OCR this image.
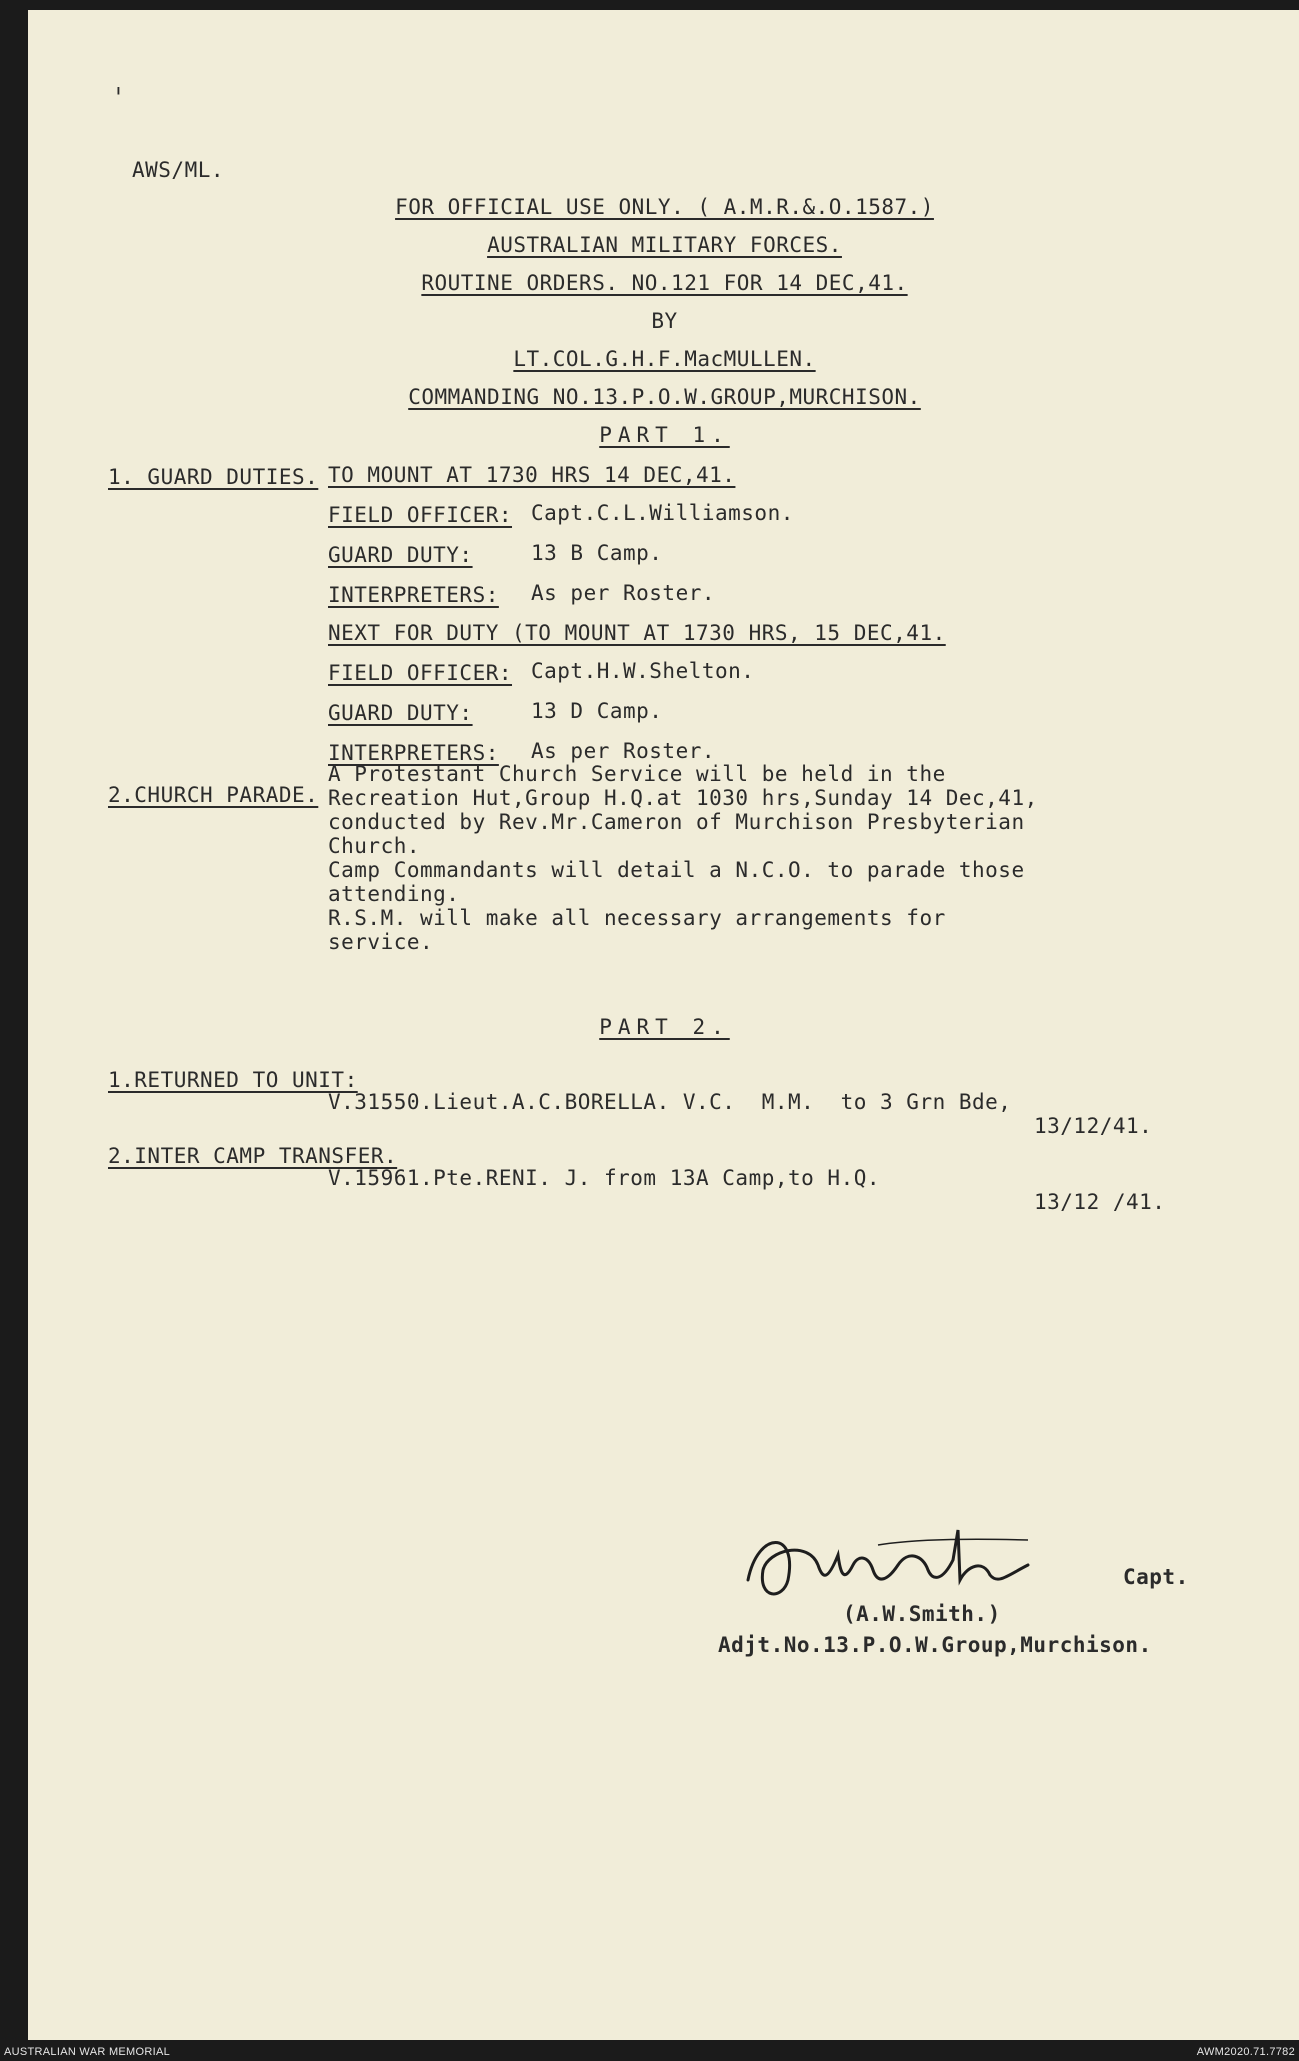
ˈ
AWS/ML.
FOR OFFICIAL USE ONLY. ( A.M.R.&.O.1587.)
AUSTRALIAN MILITARY FORCES.
ROUTINE ORDERS. NO.121 FOR 14 DEC,41.
BY
LT.COL.G.H.F.MacMULLEN.
COMMANDING NO.13.P.O.W.GROUP,MURCHISON.
PART 1.
1. GUARD DUTIES. TO MOUNT AT 1730 HRS 14 DEC,41.
FIELD OFFICER: Capt.C.L.Williamson.
GUARD DUTY:	13 B Camp.
INTERPRETERS: As per Roster.
NEXT FOR DUTY (TO MOUNT AT 1730 HRS, 15 DEC,41.
FIELD OFFICER: Capt.H.W.Shelton.
GUARD DUTY:	13 D Camp.
INTERPRETERS: As per Roster.
2.CHURCH PARADE.
A Protestant Church Service will be held in the
Recreation Hut,Group H.Q.at 1030 hrs,Sunday 14 Dec,41,
conducted by Rev.Mr.Cameron of Murchison Presbyterian
Church.
Camp Commandants will detail a N.C.O. to parade those
attending.
R.S.M. will make all necessary arrangements for
service.
PART 2.
1.RETURNED TO UNIT:
V.31550.Lieut.A.C.BORELLA. V.C.  M.M.  to 3 Grn Bde,
13/12/41.
2.INTER CAMP TRANSFER.
V.15961.Pte.RENI. J. from 13A Camp,to H.Q.
13/12 /41.
Capt.
(A.W.Smith.)
Adjt.No.13.P.O.W.Group,Murchison.
AUSTRALIAN WAR MEMORIAL	AWM2020.71.7782
